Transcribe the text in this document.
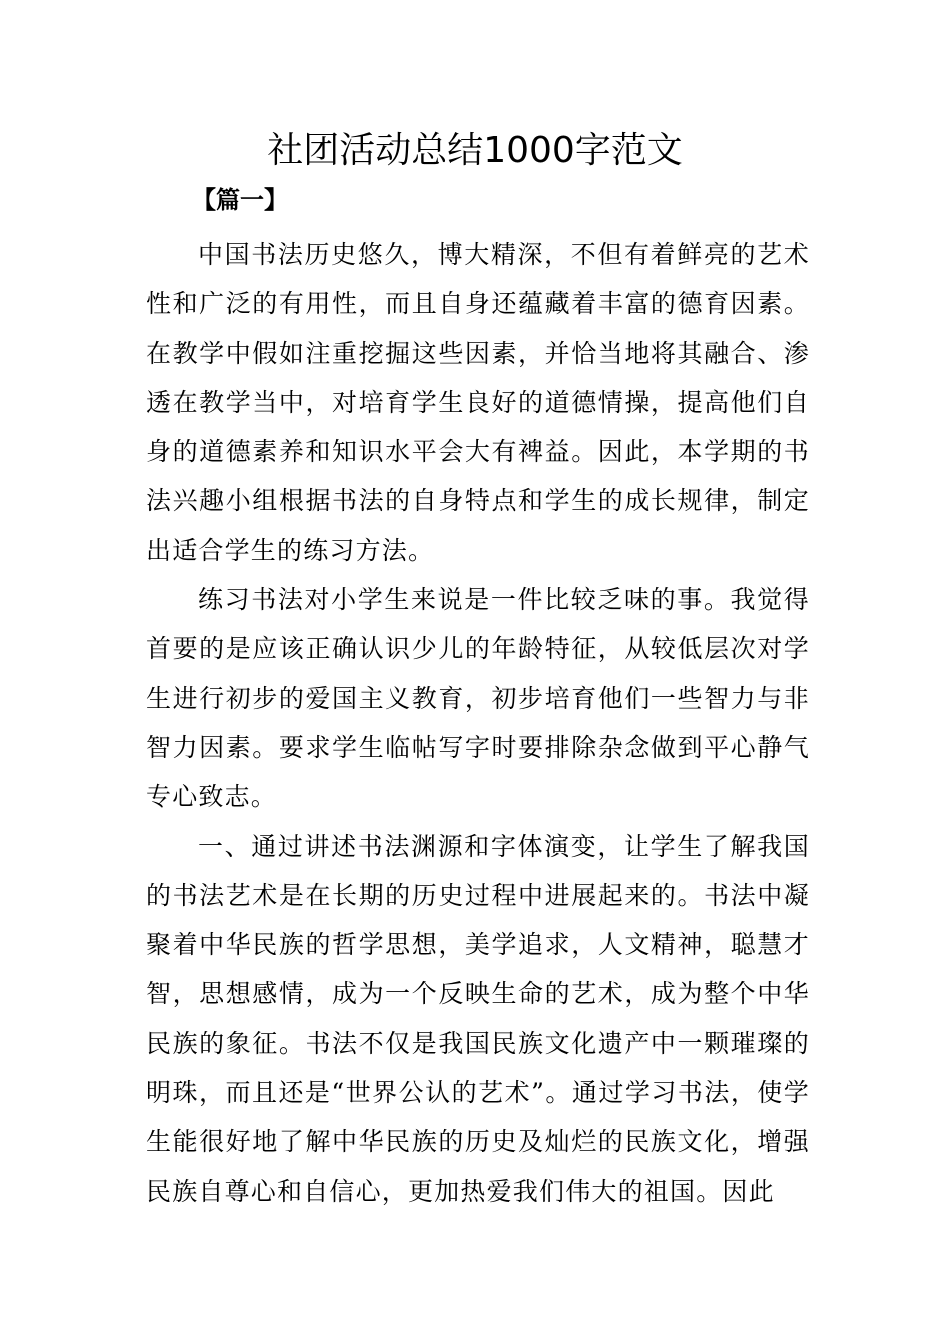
社团活动总结1000字范文
【篇一】

中国书法历史悠久，博大精深，不但有着鲜亮的艺术性和广泛的有用性，而且自身还蕴藏着丰富的德育因素。在教学中假如注重挖掘这些因素，并恰当地将其融合、渗透在教学当中，对培育学生良好的道德情操，提高他们自身的道德素养和知识水平会大有裨益。因此，本学期的书法兴趣小组根据书法的自身特点和学生的成长规律，制定出适合学生的练习方法。

练习书法对小学生来说是一件比较乏味的事。我觉得首要的是应该正确认识少儿的年龄特征，从较低层次对学生进行初步的爱国主义教育，初步培育他们一些智力与非智力因素。要求学生临帖写字时要排除杂念做到平心静气专心致志。

一、通过讲述书法渊源和字体演变，让学生了解我国的书法艺术是在长期的历史过程中进展起来的。书法中凝聚着中华民族的哲学思想，美学追求，人文精神，聪慧才智，思想感情，成为一个反映生命的艺术，成为整个中华民族的象征。书法不仅是我国民族文化遗产中一颗璀璨的明珠，而且还是“世界公认的艺术”。通过学习书法，使学生能很好地了解中华民族的历史及灿烂的民族文化，增强民族自尊心和自信心，更加热爱我们伟大的祖国。因此
